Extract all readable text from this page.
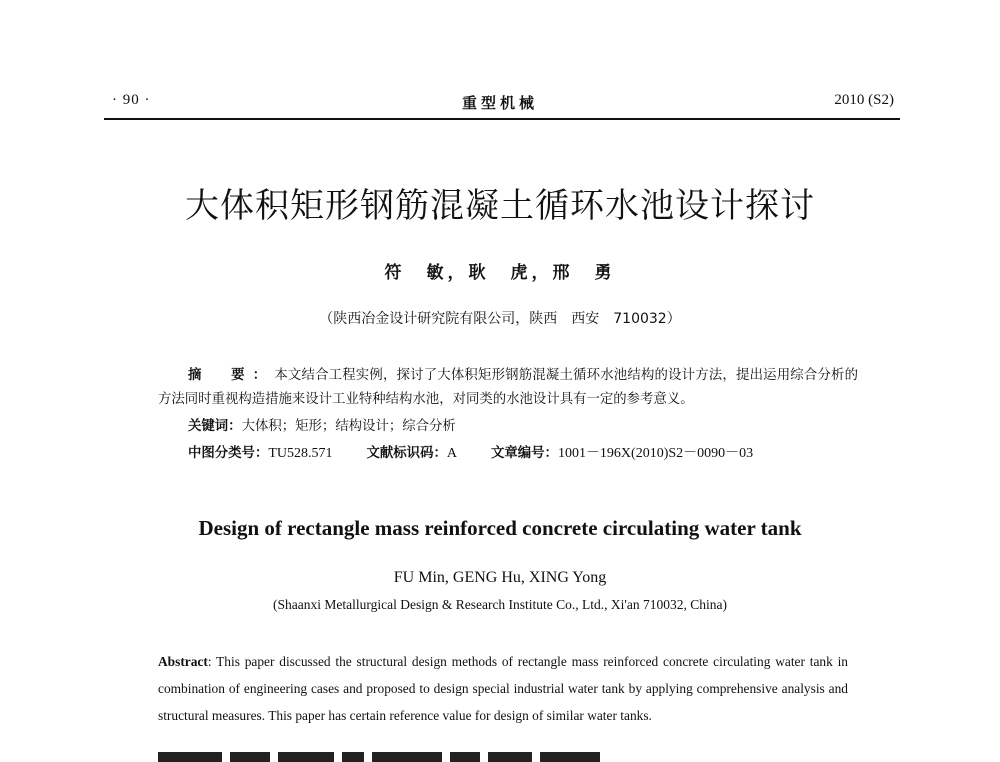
· 90 ·	重型机械	2010 (S2)
大体积矩形钢筋混凝土循环水池设计探讨
符　敏，耿　虎，邢　勇
（陕西冶金设计研究院有限公司，陕西　西安　710032）
摘　要：本文结合工程实例，探讨了大体积矩形钢筋混凝土循环水池结构的设计方法，提出运用综合分析的方法同时重视构造措施来设计工业特种结构水池，对同类的水池设计具有一定的参考意义。
关键词：大体积；矩形；结构设计；综合分析
中图分类号：TU528.571	文献标识码：A	文章编号：1001－196X(2010)S2－0090－03
Design of rectangle mass reinforced concrete circulating water tank
FU Min, GENG Hu, XING Yong
(Shaanxi Metallurgical Design & Research Institute Co., Ltd., Xi'an 710032, China)
Abstract: This paper discussed the structural design methods of rectangle mass reinforced concrete circulating water tank in combination of engineering cases and proposed to design special industrial water tank by applying comprehensive analysis and structural measures. This paper has certain reference value for design of similar water tanks.
